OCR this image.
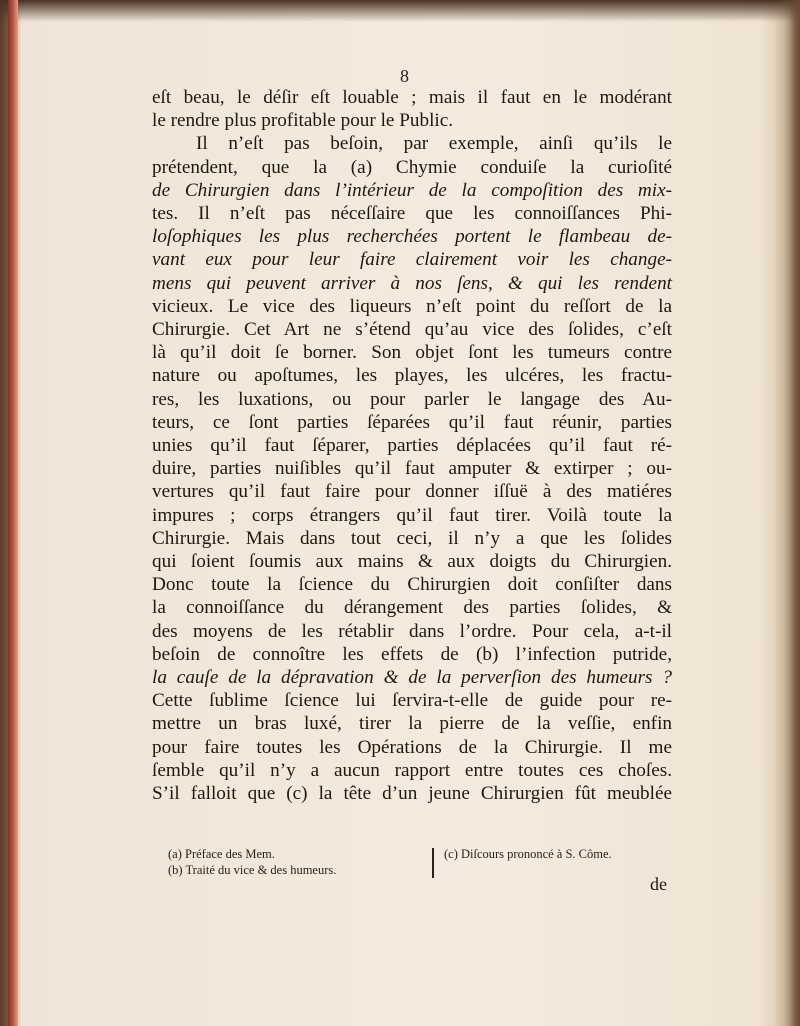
8
eſt beau, le déſir eſt louable ; mais il faut en le modérant
le rendre plus profitable pour le Public.
Il n’eſt pas beſoin, par exemple, ainſi qu’ils le
prétendent, que la (a) Chymie conduiſe la curioſité
de Chirurgien dans l’intérieur de la compoſition des mix-
tes. Il n’eſt pas néceſſaire que les connoiſſances Phi-
loſophiques les plus recherchées portent le flambeau de-
vant eux pour leur faire clairement voir les change-
mens qui peuvent arriver à nos ſens, & qui les rendent
vicieux. Le vice des liqueurs n’eſt point du reſſort de la
Chirurgie. Cet Art ne s’étend qu’au vice des ſolides, c’eſt
là qu’il doit ſe borner. Son objet ſont les tumeurs contre
nature ou apoſtumes, les playes, les ulcéres, les fractu-
res, les luxations, ou pour parler le langage des Au-
teurs, ce ſont parties ſéparées qu’il faut réunir, parties
unies qu’il faut ſéparer, parties déplacées qu’il faut ré-
duire, parties nuiſibles qu’il faut amputer & extirper ; ou-
vertures qu’il faut faire pour donner iſſuë à des matiéres
impures ; corps étrangers qu’il faut tirer. Voilà toute la
Chirurgie. Mais dans tout ceci, il n’y a que les ſolides
qui ſoient ſoumis aux mains & aux doigts du Chirurgien.
Donc toute la ſcience du Chirurgien doit conſiſter dans
la connoiſſance du dérangement des parties ſolides, &
des moyens de les rétablir dans l’ordre. Pour cela, a-t-il
beſoin de connoître les effets de (b) l’infection putride,
la cauſe de la dépravation & de la perverſion des humeurs ?
Cette ſublime ſcience lui ſervira-t-elle de guide pour re-
mettre un bras luxé, tirer la pierre de la veſſie, enfin
pour faire toutes les Opérations de la Chirurgie. Il me
ſemble qu’il n’y a aucun rapport entre toutes ces choſes.
S’il falloit que (c) la tête d’un jeune Chirurgien fût meublée
(a) Préface des Mem.
(b) Traité du vice & des humeurs.
(c) Diſcours prononcé à S. Côme.
de
